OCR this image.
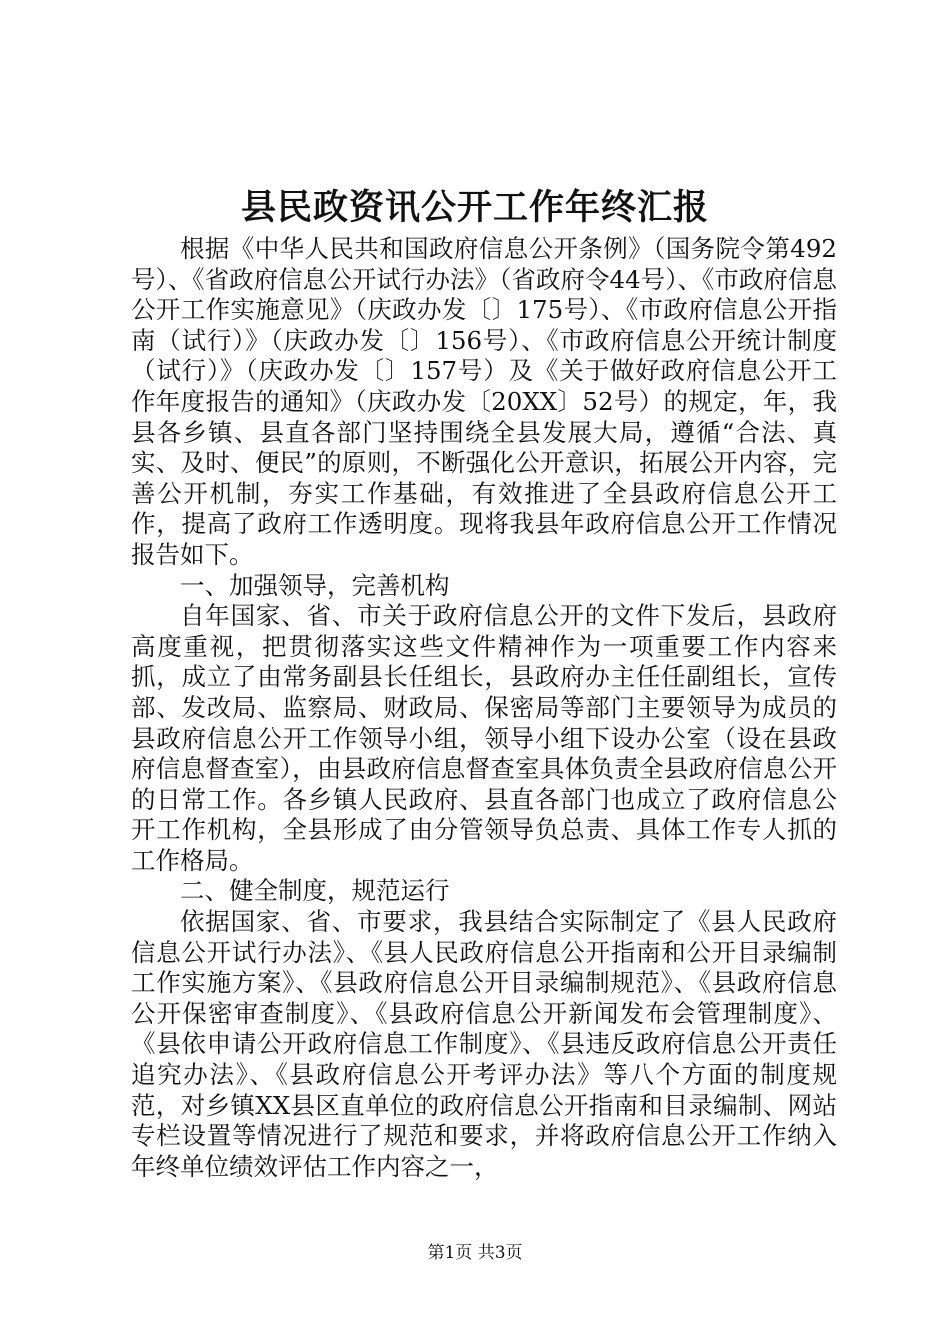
县民政资讯公开工作年终汇报

根据《中华人民共和国政府信息公开条例》（国务院令第492号）、《省政府信息公开试行办法》（省政府令44号）、《市政府信息公开工作实施意见》（庆政办发〔〕175号）、《市政府信息公开指南（试行）》（庆政办发〔〕156号）、《市政府信息公开统计制度（试行）》（庆政办发〔〕157号）及《关于做好政府信息公开工作年度报告的通知》（庆政办发〔20XX〕52号）的规定，年，我县各乡镇、县直各部门坚持围绕全县发展大局，遵循“合法、真实、及时、便民”的原则，不断强化公开意识，拓展公开内容，完善公开机制，夯实工作基础，有效推进了全县政府信息公开工作，提高了政府工作透明度。现将我县年政府信息公开工作情况报告如下。

一、加强领导，完善机构

自年国家、省、市关于政府信息公开的文件下发后，县政府高度重视，把贯彻落实这些文件精神作为一项重要工作内容来抓，成立了由常务副县长任组长，县政府办主任任副组长，宣传部、发改局、监察局、财政局、保密局等部门主要领导为成员的县政府信息公开工作领导小组，领导小组下设办公室（设在县政府信息督查室），由县政府信息督查室具体负责全县政府信息公开的日常工作。各乡镇人民政府、县直各部门也成立了政府信息公开工作机构，全县形成了由分管领导负总责、具体工作专人抓的工作格局。

二、健全制度，规范运行

依据国家、省、市要求，我县结合实际制定了《县人民政府信息公开试行办法》、《县人民政府信息公开指南和公开目录编制工作实施方案》、《县政府信息公开目录编制规范》、《县政府信息公开保密审查制度》、《县政府信息公开新闻发布会管理制度》、《县依申请公开政府信息工作制度》、《县违反政府信息公开责任追究办法》、《县政府信息公开考评办法》等八个方面的制度规范，对乡镇XX县区直单位的政府信息公开指南和目录编制、网站专栏设置等情况进行了规范和要求，并将政府信息公开工作纳入年终单位绩效评估工作内容之一，

第1页 共3页
